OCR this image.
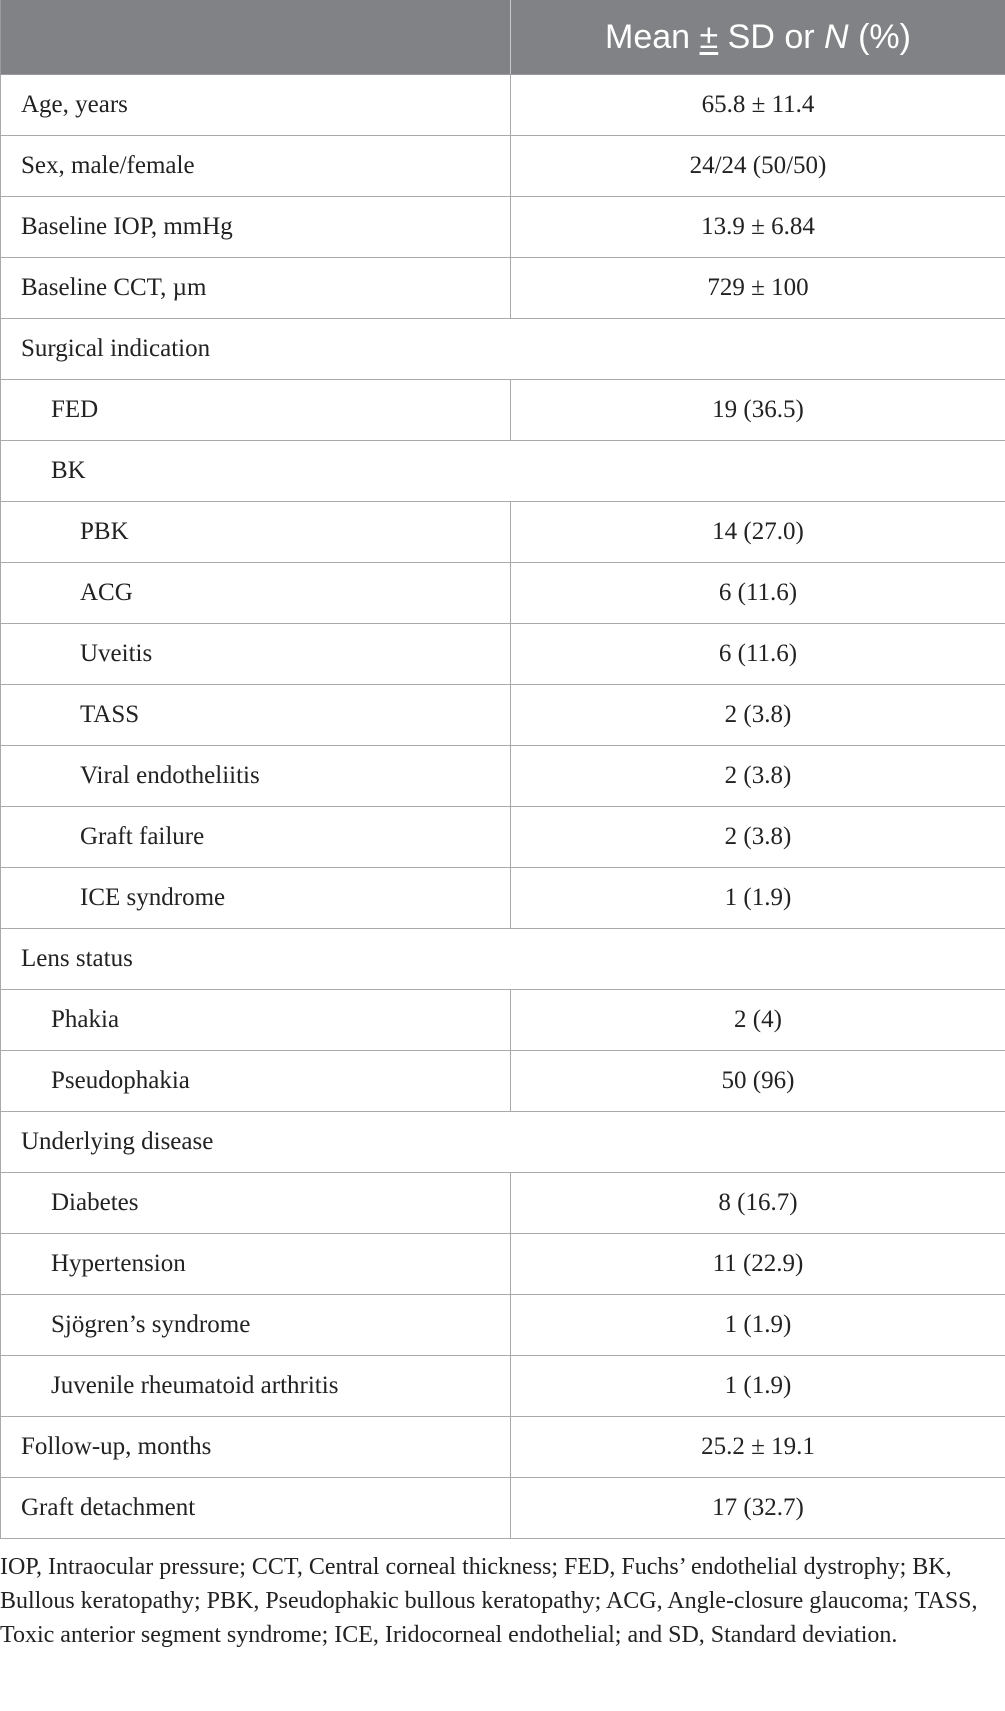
	Mean ± SD or N (%)
Age, years	65.8 ± 11.4
Sex, male/female	24/24 (50/50)
Baseline IOP, mmHg	13.9 ± 6.84
Baseline CCT, µm	729 ± 100
Surgical indication	
FED	19 (36.5)
BK	
PBK	14 (27.0)
ACG	6 (11.6)
Uveitis	6 (11.6)
TASS	2 (3.8)
Viral endotheliitis	2 (3.8)
Graft failure	2 (3.8)
ICE syndrome	1 (1.9)
Lens status	
Phakia	2 (4)
Pseudophakia	50 (96)
Underlying disease	
Diabetes	8 (16.7)
Hypertension	11 (22.9)
Sjögren’s syndrome	1 (1.9)
Juvenile rheumatoid arthritis	1 (1.9)
Follow-up, months	25.2 ± 19.1
Graft detachment	17 (32.7)
IOP, Intraocular pressure; CCT, Central corneal thickness; FED, Fuchs’ endothelial dystrophy; BK, Bullous keratopathy; PBK, Pseudophakic bullous keratopathy; ACG, Angle-closure glaucoma; TASS, Toxic anterior segment syndrome; ICE, Iridocorneal endothelial; and SD, Standard deviation.
